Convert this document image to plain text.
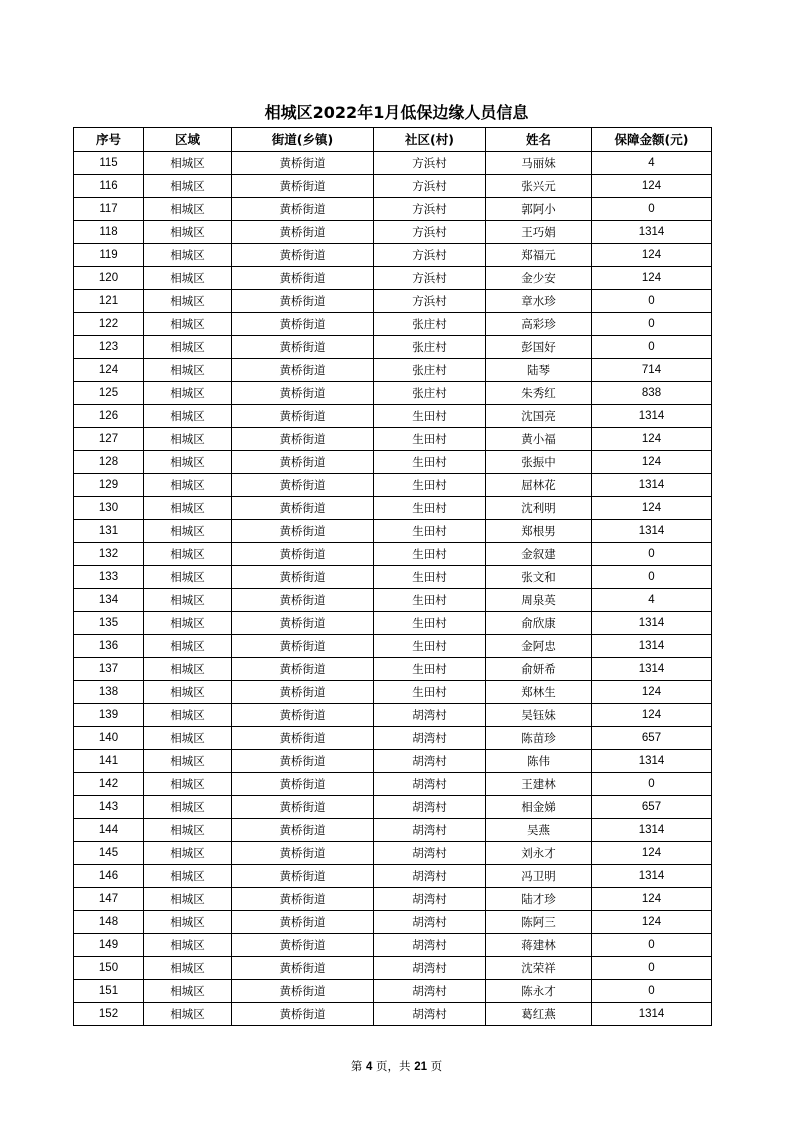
相城区2022年1月低保边缘人员信息
序号	区域	街道(乡镇)	社区(村)	姓名	保障金额(元)
115	相城区	黄桥街道	方浜村	马丽妹	4
116	相城区	黄桥街道	方浜村	张兴元	124
117	相城区	黄桥街道	方浜村	郭阿小	0
118	相城区	黄桥街道	方浜村	王巧娟	1314
119	相城区	黄桥街道	方浜村	郑福元	124
120	相城区	黄桥街道	方浜村	金少安	124
121	相城区	黄桥街道	方浜村	章水珍	0
122	相城区	黄桥街道	张庄村	高彩珍	0
123	相城区	黄桥街道	张庄村	彭国好	0
124	相城区	黄桥街道	张庄村	陆琴	714
125	相城区	黄桥街道	张庄村	朱秀红	838
126	相城区	黄桥街道	生田村	沈国亮	1314
127	相城区	黄桥街道	生田村	黄小福	124
128	相城区	黄桥街道	生田村	张振中	124
129	相城区	黄桥街道	生田村	屈林花	1314
130	相城区	黄桥街道	生田村	沈利明	124
131	相城区	黄桥街道	生田村	郑根男	1314
132	相城区	黄桥街道	生田村	金叙建	0
133	相城区	黄桥街道	生田村	张文和	0
134	相城区	黄桥街道	生田村	周泉英	4
135	相城区	黄桥街道	生田村	俞欣康	1314
136	相城区	黄桥街道	生田村	金阿忠	1314
137	相城区	黄桥街道	生田村	俞妍希	1314
138	相城区	黄桥街道	生田村	郑林生	124
139	相城区	黄桥街道	胡湾村	吴钰妹	124
140	相城区	黄桥街道	胡湾村	陈苗珍	657
141	相城区	黄桥街道	胡湾村	陈伟	1314
142	相城区	黄桥街道	胡湾村	王建林	0
143	相城区	黄桥街道	胡湾村	相金娣	657
144	相城区	黄桥街道	胡湾村	吴燕	1314
145	相城区	黄桥街道	胡湾村	刘永才	124
146	相城区	黄桥街道	胡湾村	冯卫明	1314
147	相城区	黄桥街道	胡湾村	陆才珍	124
148	相城区	黄桥街道	胡湾村	陈阿三	124
149	相城区	黄桥街道	胡湾村	蒋建林	0
150	相城区	黄桥街道	胡湾村	沈荣祥	0
151	相城区	黄桥街道	胡湾村	陈永才	0
152	相城区	黄桥街道	胡湾村	葛红燕	1314
第 4 页，共 21 页
